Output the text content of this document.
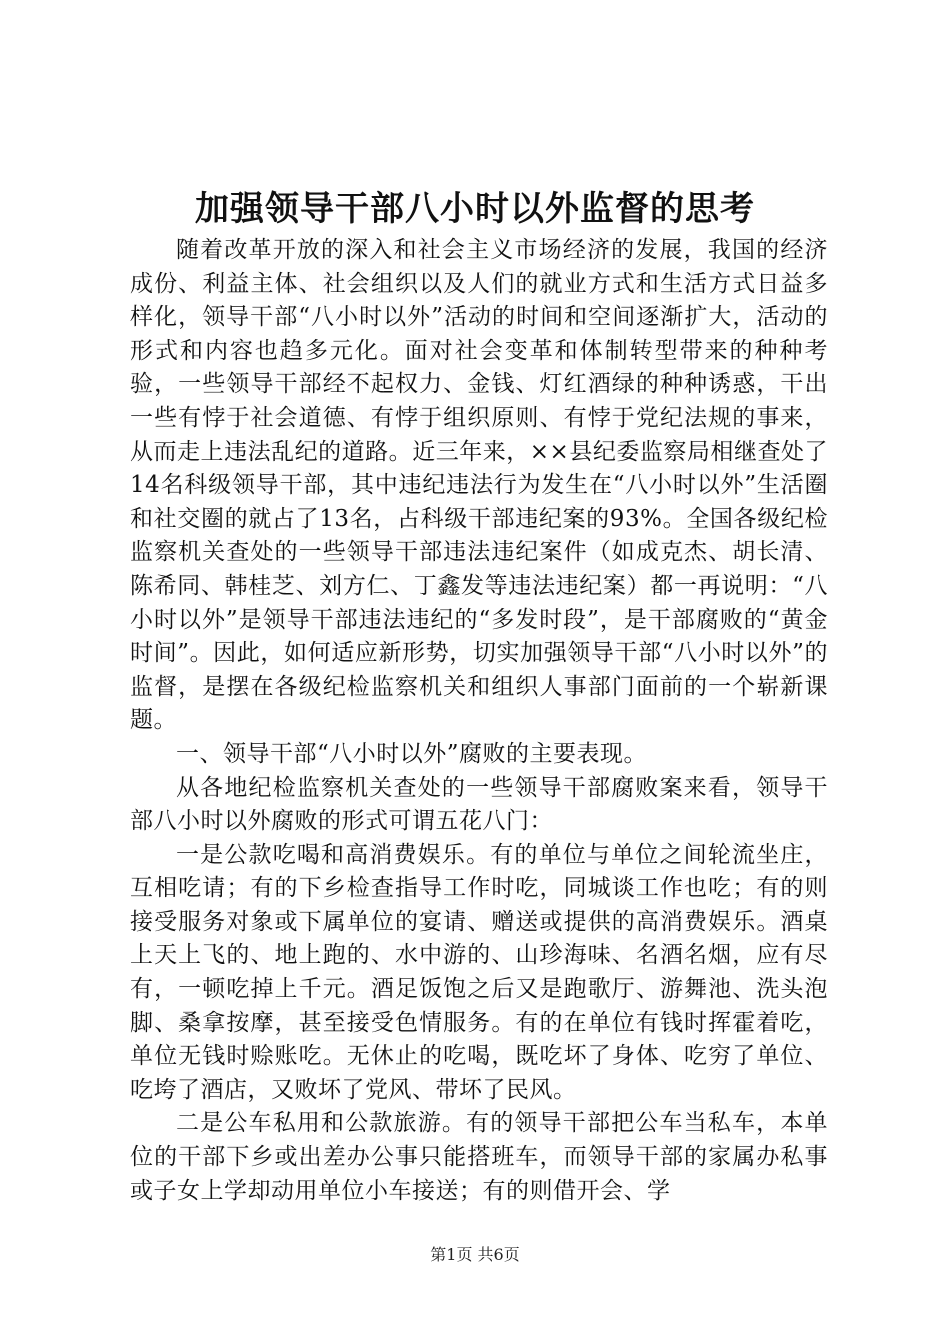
加强领导干部八小时以外监督的思考

随着改革开放的深入和社会主义市场经济的发展，我国的经济成份、利益主体、社会组织以及人们的就业方式和生活方式日益多样化，领导干部“八小时以外”活动的时间和空间逐渐扩大，活动的形式和内容也趋多元化。面对社会变革和体制转型带来的种种考验，一些领导干部经不起权力、金钱、灯红酒绿的种种诱惑，干出一些有悖于社会道德、有悖于组织原则、有悖于党纪法规的事来，从而走上违法乱纪的道路。近三年来，××县纪委监察局相继查处了14名科级领导干部，其中违纪违法行为发生在“八小时以外”生活圈和社交圈的就占了13名，占科级干部违纪案的93%。全国各级纪检监察机关查处的一些领导干部违法违纪案件（如成克杰、胡长清、陈希同、韩桂芝、刘方仁、丁鑫发等违法违纪案）都一再说明：“八小时以外”是领导干部违法违纪的“多发时段”，是干部腐败的“黄金时间”。因此，如何适应新形势，切实加强领导干部“八小时以外”的监督，是摆在各级纪检监察机关和组织人事部门面前的一个崭新课题。

一、领导干部“八小时以外”腐败的主要表现。

从各地纪检监察机关查处的一些领导干部腐败案来看，领导干部八小时以外腐败的形式可谓五花八门：

一是公款吃喝和高消费娱乐。有的单位与单位之间轮流坐庄，互相吃请；有的下乡检查指导工作时吃，同城谈工作也吃；有的则接受服务对象或下属单位的宴请、赠送或提供的高消费娱乐。酒桌上天上飞的、地上跑的、水中游的、山珍海味、名酒名烟，应有尽有，一顿吃掉上千元。酒足饭饱之后又是跑歌厅、游舞池、洗头泡脚、桑拿按摩，甚至接受色情服务。有的在单位有钱时挥霍着吃，单位无钱时赊账吃。无休止的吃喝，既吃坏了身体、吃穷了单位、吃垮了酒店，又败坏了党风、带坏了民风。

二是公车私用和公款旅游。有的领导干部把公车当私车，本单位的干部下乡或出差办公事只能搭班车，而领导干部的家属办私事或子女上学却动用单位小车接送；有的则借开会、学

第1页 共6页
